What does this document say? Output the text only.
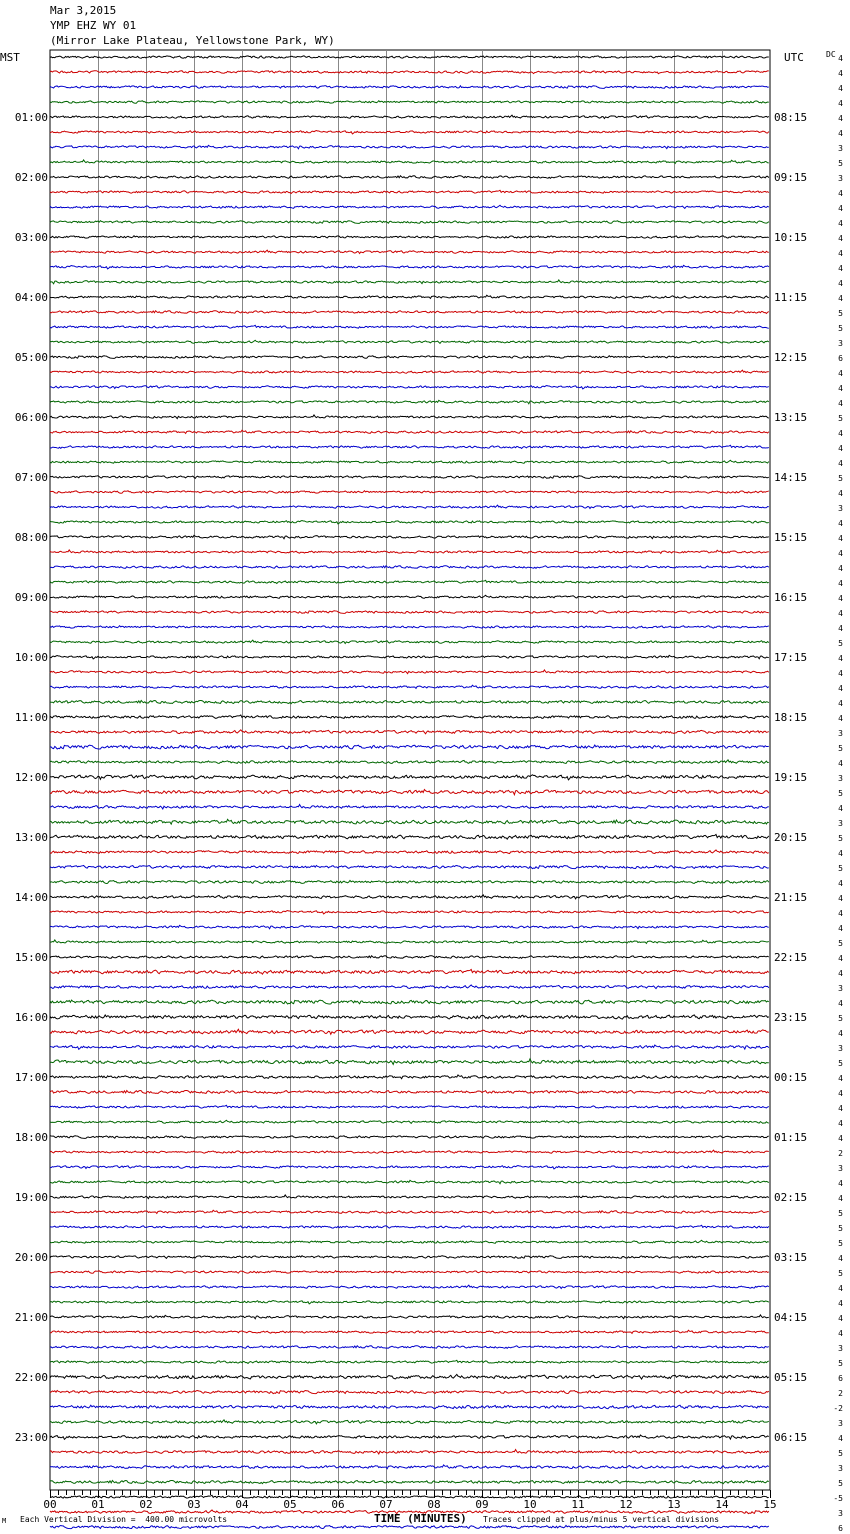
Mar 3,2015
YMP EHZ WY 01
(Mirror Lake Plateau, Yellowstone Park, WY)
00	01	02	03	04	05	06	07	08	09	10	11	12	13	14	15
4
4
4
4
4
4
3
5
3
4
4
4
4
4
4
4
4
5
5
3
6
4
4
4
5
4
4
4
5
4
3
4
4
4
4
4
4
4
4
5
4
4
4
4
4
3
5
4
3
5
4
3
5
4
5
4
4
4
4
5
4
4
3
4
5
4
3
5
4
4
4
4
4
2
3
4
4
5
5
5
4
5
4
4
4
4
3
5
6
2
-2
3
4
5
3
5
-5
3
6
01:00
02:00
03:00
04:00
05:00
06:00
07:00
08:00
09:00
10:00
11:00
12:00
13:00
14:00
15:00
16:00
17:00
18:00
19:00
20:00
21:00
22:00
23:00
08:15
09:15
10:15
11:15
12:15
13:15
14:15
15:15
16:15
17:15
18:15
19:15
20:15
21:15
22:15
23:15
00:15
01:15
02:15
03:15
04:15
05:15
06:15
MST	UTC	DC
TIME (MINUTES)
M Each Vertical Division =  400.00 microvolts	Traces clipped at plus/minus 5 vertical divisions
